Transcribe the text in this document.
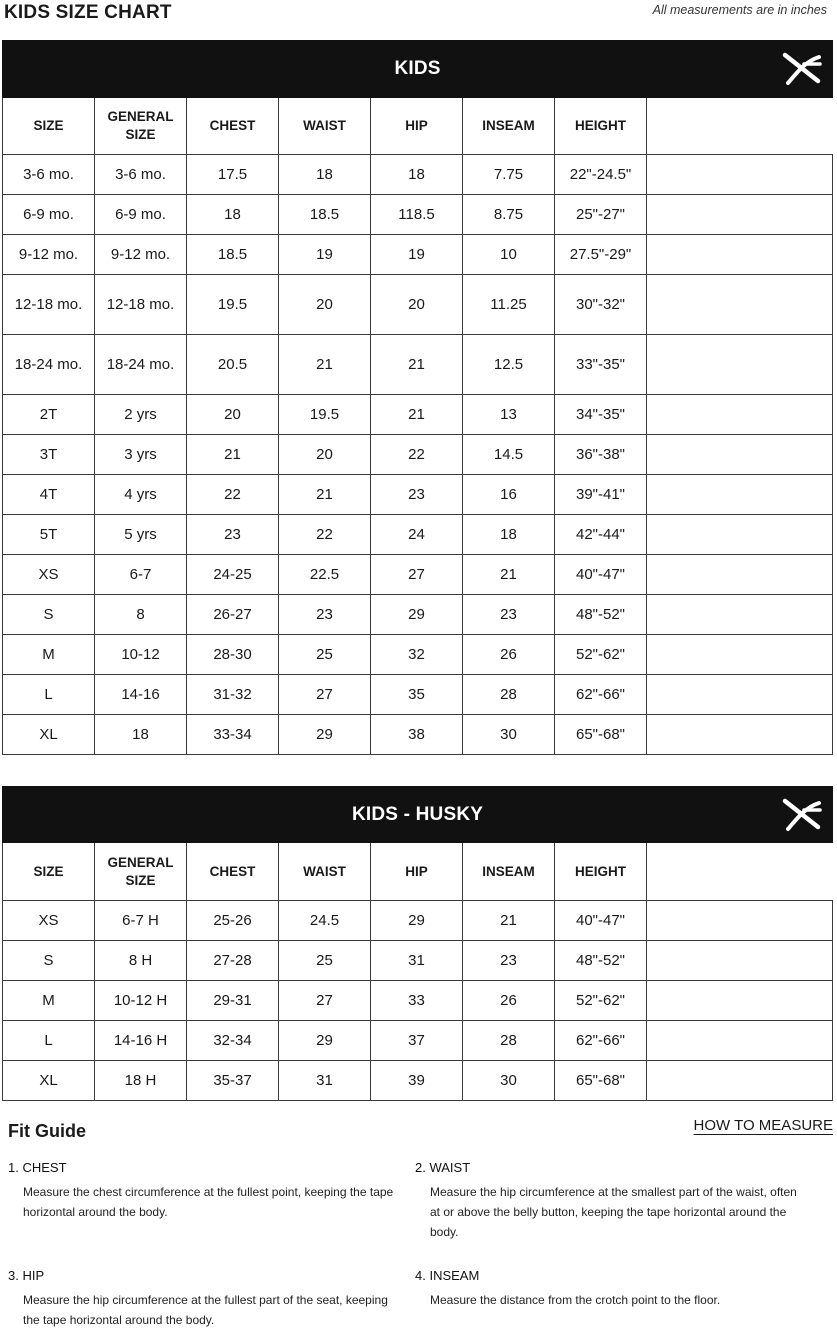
KIDS SIZE CHART	All measurements are in inches
KIDS							

SIZE	GENERAL SIZE	CHEST	WAIST	HIP	INSEAM	HEIGHT	
3-6 mo.	3-6 mo.	17.5	18	18	7.75	22"-24.5"	
6-9 mo.	6-9 mo.	18	18.5	118.5	8.75	25"-27"	
9-12 mo.	9-12 mo.	18.5	19	19	10	27.5"-29"	
12-18 mo.	12-18 mo.	19.5	20	20	11.25	30"-32"	
18-24 mo.	18-24 mo.	20.5	21	21	12.5	33"-35"	
2T	2 yrs	20	19.5	21	13	34"-35"	
3T	3 yrs	21	20	22	14.5	36"-38"	
4T	4 yrs	22	21	23	16	39"-41"	
5T	5 yrs	23	22	24	18	42"-44"	
XS	6-7	24-25	22.5	27	21	40"-47"	
S	8	26-27	23	29	23	48"-52"	
M	10-12	28-30	25	32	26	52"-62"	
L	14-16	31-32	27	35	28	62"-66"	
XL	18	33-34	29	38	30	65"-68"	
KIDS - HUSKY							

SIZE	GENERAL SIZE	CHEST	WAIST	HIP	INSEAM	HEIGHT	
XS	6-7 H	25-26	24.5	29	21	40"-47"	
S	8 H	27-28	25	31	23	48"-52"	
M	10-12 H	29-31	27	33	26	52"-62"	
L	14-16 H	32-34	29	37	28	62"-66"	
XL	18 H	35-37	31	39	30	65"-68"	
Fit Guide	HOW TO MEASURE
1. CHEST
Measure the chest circumference at the fullest point, keeping the tape horizontal around the body.
2. WAIST
Measure the hip circumference at the smallest part of the waist, often at or above the belly button, keeping the tape horizontal around the body.
3. HIP
Measure the hip circumference at the fullest part of the seat, keeping the tape horizontal around the body.
4. INSEAM
Measure the distance from the crotch point to the floor.
